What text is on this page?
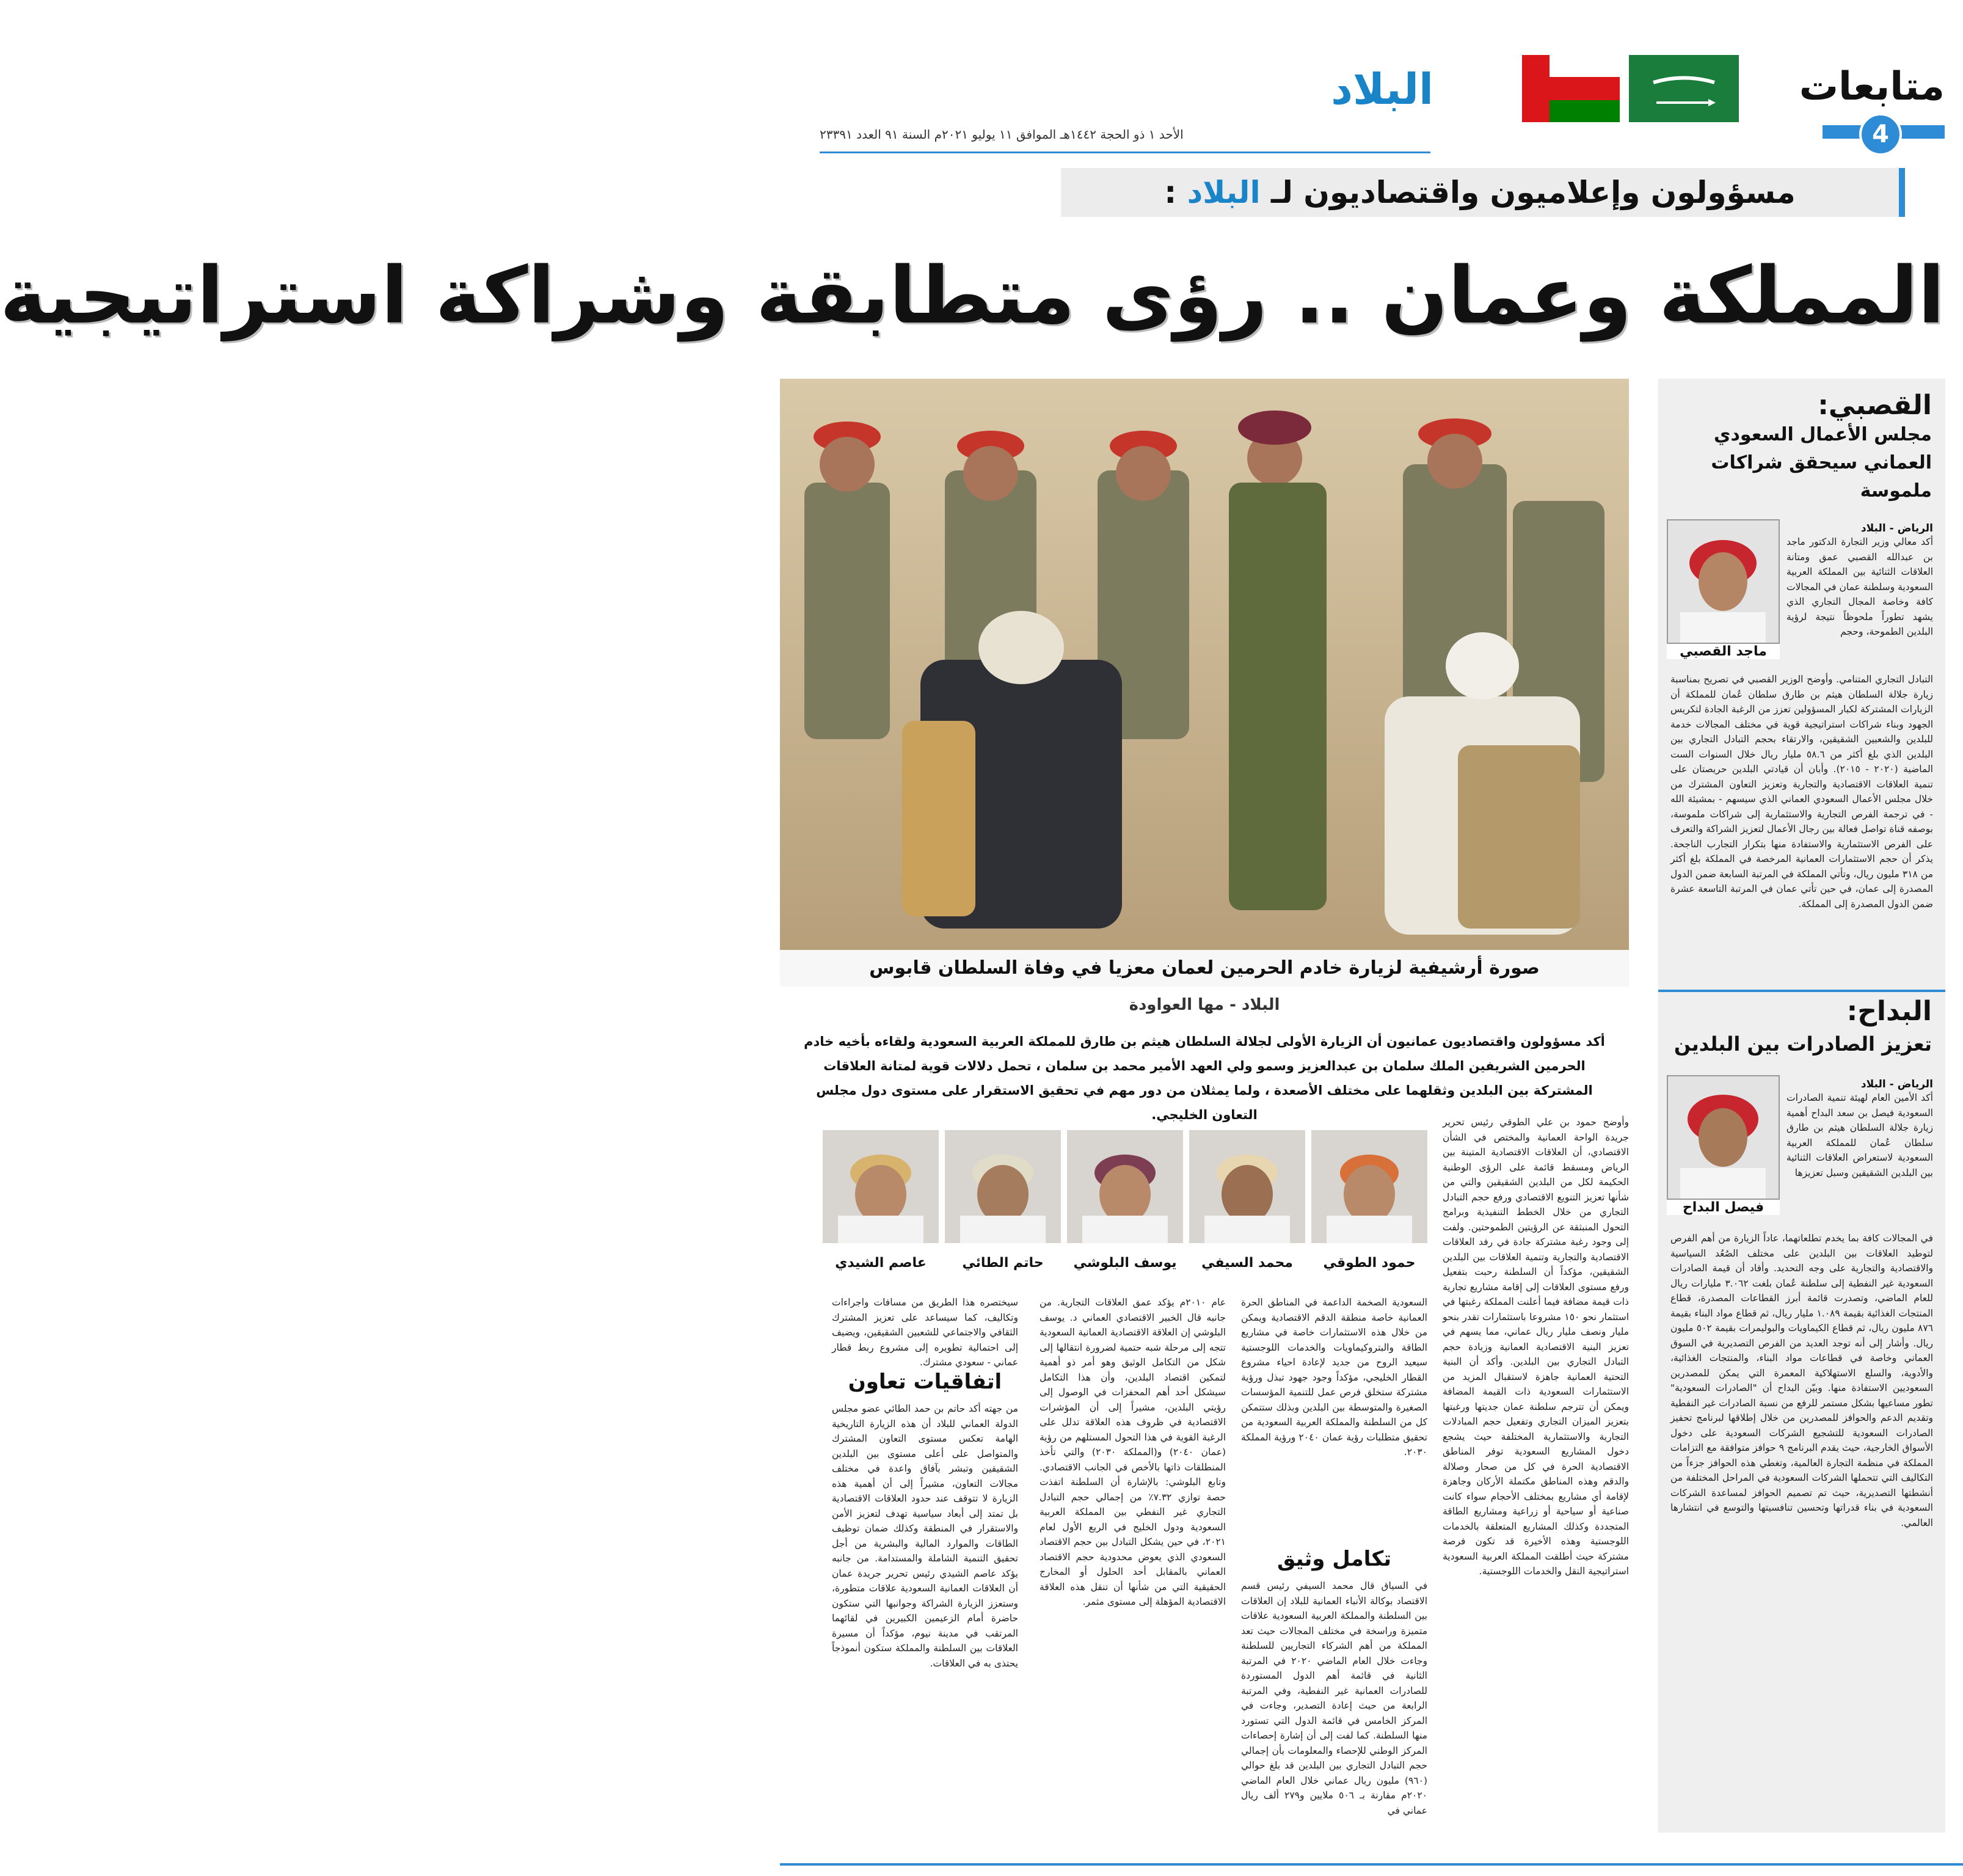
متابعات
4
البلاد
الأحد ١ ذو الحجة ١٤٤٢هـ الموافق ١١ يوليو ٢٠٢١م السنة ٩١ العدد ٢٣٣٩١
مسؤولون وإعلاميون واقتصاديون لـ البلاد :
المملكة وعمان .. رؤى متطابقة وشراكة استراتيجية
صورة أرشيفية لزيارة خادم الحرمين لعمان معزيا في وفاة السلطان قابوس
البلاد - مها العواودة
أكد مسؤولون واقتصاديون عمانيون أن الزيارة الأولى لجلالة السلطان هيثم بن طارق للمملكة العربية السعودية ولقاءه بأخيه خادم الحرمين الشريفين الملك سلمان بن عبدالعزيز وسمو ولي العهد الأمير محمد بن سلمان ، تحمل دلالات قوية لمتانة العلاقات المشتركة بين البلدين وثقلهما على مختلف الأصعدة ، ولما يمثلان من دور مهم في تحقيق الاستقرار على مستوى دول مجلس التعاون الخليجي.
حمود الطوقي
محمد السيفي
يوسف البلوشي
حاتم الطائي
عاصم الشيدي
وأوضح حمود بن علي الطوقي رئيس تحرير جريدة الواحة العمانية والمختص في الشأن الاقتصادي، أن العلاقات الاقتصادية المتينة بين الرياض ومسقط قائمة على الرؤى الوطنية الحكيمة لكل من البلدين الشقيقين والتي من شأنها تعزيز التنويع الاقتصادي ورفع حجم التبادل التجاري من خلال الخطط التنفيذية وبرامج التحول المنبثقة عن الرؤيتين الطموحتين. ولفت إلى وجود رغبة مشتركة جادة في رفد العلاقات الاقتصادية والتجارية وتنمية العلاقات بين البلدين الشقيقين، مؤكداً أن السلطنة رحبت بتفعيل ورفع مستوى العلاقات إلى إقامة مشاريع تجارية ذات قيمة مضافة فيما أعلنت المملكة رغبتها في استثمار نحو ١٥٠ مشروعا باستثمارات تقدر بنحو مليار ونصف مليار ريال عماني، مما يسهم في تعزيز البنية الاقتصادية العمانية وزيادة حجم التبادل التجاري بين البلدين. وأكد أن البنية التحتية العمانية جاهزة لاستقبال المزيد من الاستثمارات السعودية ذات القيمة المضافة ويمكن أن تترجم سلطنة عمان جديتها ورغبتها بتعزيز الميزان التجاري وتفعيل حجم المبادلات التجارية والاستثمارية المختلفة حيث يشجع دخول المشاريع السعودية توفر المناطق الاقتصادية الحرة في كل من صحار وصلالة والدقم وهذه المناطق مكتملة الأركان وجاهزة لإقامة أي مشاريع بمختلف الأحجام سواء كانت صناعية أو سياحية أو زراعية ومشاريع الطاقة المتجددة وكذلك المشاريع المتعلقة بالخدمات اللوجستية وهذه الأخيرة قد تكون فرصة مشتركة حيث أطلقت المملكة العربية السعودية استراتيجية النقل والخدمات اللوجستية.
السعودية الصخمة الداعمة في المناطق الحرة العمانية خاصة منطقة الدقم الاقتصادية ويمكن من خلال هذه الاستثمارات خاصة في مشاريع الطاقة والبتروكيماويات والخدمات اللوجستية سيعيد الروح من جديد لإعادة احياء مشروع القطار الخليجي، مؤكداً وجود جهود تبذل ورؤية مشتركة ستخلق فرص عمل للتنمية المؤسسات الصغيرة والمتوسطة بين البلدين وبذلك ستتمكن كل من السلطنة والمملكة العربية السعودية من تحقيق متطلبات رؤية عمان ٢٠٤٠ ورؤية المملكة ٢٠٣٠.
تكامل وثيق
في السياق قال محمد السيفي رئيس قسم الاقتصاد بوكالة الأنباء العمانية للبلاد إن العلاقات بين السلطنة والمملكة العربية السعودية علاقات متميزة وراسخة في مختلف المجالات حيث تعد المملكة من أهم الشركاء التجاريين للسلطنة وجاءت خلال العام الماضي ٢٠٢٠ في المرتبة الثانية في قائمة أهم الدول المستوردة للصادرات العمانية غير النفطية، وفي المرتبة الرابعة من حيث إعادة التصدير، وجاءت في المركز الخامس في قائمة الدول التي تستورد منها السلطنة. كما لفت إلى أن إشارة إحصاءات المركز الوطني للإحصاء والمعلومات بأن إجمالي حجم التبادل التجاري بين البلدين قد بلغ حوالي (٩٦٠) مليون ريال عماني خلال العام الماضي ٢٠٢٠م مقارنة بـ ٥٠٦ ملايين و٢٧٩ ألف ريال عماني في
عام ٢٠١٠م يؤكد عمق العلاقات التجارية. من جانبه قال الخبير الاقتصادي العماني د. يوسف البلوشي إن العلاقة الاقتصادية العمانية السعودية تتجه إلى مرحلة شبه حتمية لضرورة انتقالها إلى شكل من التكامل الوثيق وهو أمر ذو أهمية لتمكين اقتصاد البلدين، وأن هذا التكامل سيشكل أحد أهم المحفزات في الوصول إلى رؤيتي البلدين، مشيراً إلى أن المؤشرات الاقتصادية في ظروف هذه العلاقة تدلل على الرغبة القوية في هذا التحول المستلهم من رؤية (عمان ٢٠٤٠) و(المملكة ٢٠٣٠) والتي تأخذ المنطلقات ذاتها بالأخص في الجانب الاقتصادي. وتابع البلوشي: بالإشارة أن السلطنة اتفذت حصة توازي ٧.٣٢٪ من إجمالي حجم التبادل التجاري غير النفطي بين المملكة العربية السعودية ودول الخليج في الربع الأول لعام ٢٠٢١، في حين يشكل التبادل بين حجم الاقتصاد السعودي الذي يعوض محدودية حجم الاقتصاد العماني بالمقابل أحد الحلول أو المخارج الحقيقية التي من شأنها أن تنقل هذه العلاقة الاقتصادية المؤهلة إلى مستوى مثمر.
سيختصره هذا الطريق من مسافات واجراءات وتكاليف، كما سيساعد على تعزيز المشترك الثقافي والاجتماعي للشعبين الشقيقين، ويضيف إلى احتمالية تطويره إلى مشروع ربط قطار عماني - سعودي مشترك.
اتفاقيات تعاون
من جهته أكد حاتم بن حمد الطائي عضو مجلس الدولة العماني للبلاد أن هذه الزيارة التاريخية الهامة تعكس مستوى التعاون المشترك والمتواصل على أعلى مستوى بين البلدين الشقيقين وتبشر بآفاق واعدة في مختلف مجالات التعاون، مشيراً إلى أن أهمية هذه الزيارة لا تتوقف عند حدود العلاقات الاقتصادية بل تمتد إلى أبعاد سياسية تهدف لتعزيز الأمن والاستقرار في المنطقة وكذلك ضمان توظيف الطاقات والموارد المالية والبشرية من أجل تحقيق التنمية الشاملة والمستدامة. من جانبه يؤكد عاصم الشيدي رئيس تحرير جريدة عمان أن العلاقات العمانية السعودية علاقات متطورة، وستعزز الزيارة الشراكة وجوانبها التي ستكون حاضرة أمام الزعيمين الكبيرين في لقائهما المرتقب في مدينة نيوم، مؤكداً أن مسيرة العلاقات بين السلطنة والمملكة ستكون أنموذجاً يحتذى به في العلاقات.
القصبي:
مجلس الأعمال السعودي العماني سيحقق شراكات ملموسة
ماجد القصبي
الرياض - البلاد
أكد معالي وزير التجارة الدكتور ماجد بن عبدالله القصبي عمق ومتانة العلاقات الثنائية بين المملكة العربية السعودية وسلطنة عمان في المجالات كافة وخاصة المجال التجاري الذي يشهد تطوراً ملحوظاً نتيجة لرؤية البلدين الطموحة، وحجم
التبادل التجاري المتنامي. وأوضح الوزير القصبي في تصريح بمناسبة زيارة جلالة السلطان هيثم بن طارق سلطان عُمان للمملكة أن الزيارات المشتركة لكبار المسؤولين تعزز من الرغبة الجادة لتكريس الجهود وبناء شراكات استراتيجية قوية في مختلف المجالات خدمة للبلدين والشعبين الشقيقين، والارتقاء بحجم التبادل التجاري بين البلدين الذي بلغ أكثر من ٥٨.٦ مليار ريال خلال السنوات الست الماضية (٢٠٢٠ - ٢٠١٥). وأبان أن قيادتي البلدين حريصتان على تنمية العلاقات الاقتصادية والتجارية وتعزيز التعاون المشترك من خلال مجلس الأعمال السعودي العماني الذي سيسهم - بمشيئة الله - في ترجمة الفرص التجارية والاستثمارية إلى شراكات ملموسة، بوصفه قناة تواصل فعالة بين رجال الأعمال لتعزيز الشراكة والتعرف على الفرص الاستثمارية والاستفادة منها بتكرار التجارب الناجحة. يذكر أن حجم الاستثمارات العمانية المرخصة في المملكة بلغ أكثر من ٣١٨ مليون ريال، وتأتي المملكة في المرتبة السابعة ضمن الدول المصدرة إلى عمان، في حين تأتي عمان في المرتبة التاسعة عشرة ضمن الدول المصدرة إلى المملكة.
البداح:
تعزيز الصادرات بين البلدين
فيصل البداح
الرياض - البلاد
أكد الأمين العام لهيئة تنمية الصادرات السعودية فيصل بن سعد البداح أهمية زيارة جلالة السلطان هيثم بن طارق سلطان عُمان للمملكة العربية السعودية لاستعراض العلاقات الثنائية بين البلدين الشقيقين وسبل تعزيزها
في المجالات كافة بما يخدم تطلعاتهما، عاداً الزيارة من أهم الفرص لتوطيد العلاقات بين البلدين على مختلف الصُعُد السياسية والاقتصادية والتجارية على وجه التحديد. وأفاد أن قيمة الصادرات السعودية غير النفطية إلى سلطنة عُمان بلغت ٣.٠٦٢ مليارات ريال للعام الماضي، وتصدرت قائمة أبرز القطاعات المصدرة، قطاع المنتجات الغذائية بقيمة ١.٠٨٩ مليار ريال، ثم قطاع مواد البناء بقيمة ٨٧٦ مليون ريال، ثم قطاع الكيماويات والبوليمرات بقيمة ٥٠٢ مليون ريال. وأشار إلى أنه توجد العديد من الفرص التصديرية في السوق العماني وخاصة في قطاعات مواد البناء، والمنتجات الغذائية، والأدوية، والسلع الاستهلاكية المعمرة التي يمكن للمصدرين السعوديين الاستفادة منها. وبيّن البداح أن "الصادرات السعودية" تطور مساعيها بشكل مستمر للرفع من نسبة الصادرات غير النفطية وتقديم الدعم والحوافز للمصدرين من خلال إطلاقها لبرنامج تحفيز الصادرات السعودية للتشجيع الشركات السعودية على دخول الأسواق الخارجية، حيث يقدم البرنامج ٩ حوافز متوافقة مع التزامات المملكة في منظمة التجارة العالمية، وتغطي هذه الحوافز جزءاً من التكاليف التي تتحملها الشركات السعودية في المراحل المختلفة من أنشطتها التصديرية، حيث تم تصميم الحوافز لمساعدة الشركات السعودية في بناء قدراتها وتحسين تنافسيتها والتوسع في انتشارها العالمي.
